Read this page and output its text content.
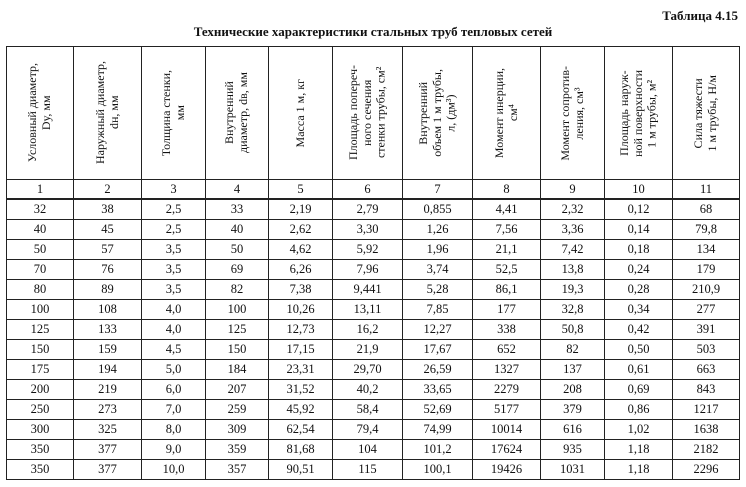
Таблица 4.15
Технические характеристики стальных труб тепловых сетей
Условный диаметр,
Dу, мм	Наружный диаметр,
dн, мм	Толщина стенки,
мм	Внутренний
диаметр, dв, мм	Масса 1 м, кг	Площадь попереч-
ного сечения
стенки трубы, см²	Внутренний
объем 1 м трубы,
л, (дм³)	Момент инерции,
см⁴	Момент сопротив-
ления, см³	Площадь наруж-
ной поверхности
1 м трубы, м²	Сила тяжести
1 м трубы, Н/м

1	2	3	4	5	6	7	8	9	10	11
32	38	2,5	33	2,19	2,79	0,855	4,41	2,32	0,12	68
40	45	2,5	40	2,62	3,30	1,26	7,56	3,36	0,14	79,8
50	57	3,5	50	4,62	5,92	1,96	21,1	7,42	0,18	134
70	76	3,5	69	6,26	7,96	3,74	52,5	13,8	0,24	179
80	89	3,5	82	7,38	9,441	5,28	86,1	19,3	0,28	210,9
100	108	4,0	100	10,26	13,11	7,85	177	32,8	0,34	277
125	133	4,0	125	12,73	16,2	12,27	338	50,8	0,42	391
150	159	4,5	150	17,15	21,9	17,67	652	82	0,50	503
175	194	5,0	184	23,31	29,70	26,59	1327	137	0,61	663
200	219	6,0	207	31,52	40,2	33,65	2279	208	0,69	843
250	273	7,0	259	45,92	58,4	52,69	5177	379	0,86	1217
300	325	8,0	309	62,54	79,4	74,99	10014	616	1,02	1638
350	377	9,0	359	81,68	104	101,2	17624	935	1,18	2182
350	377	10,0	357	90,51	115	100,1	19426	1031	1,18	2296
